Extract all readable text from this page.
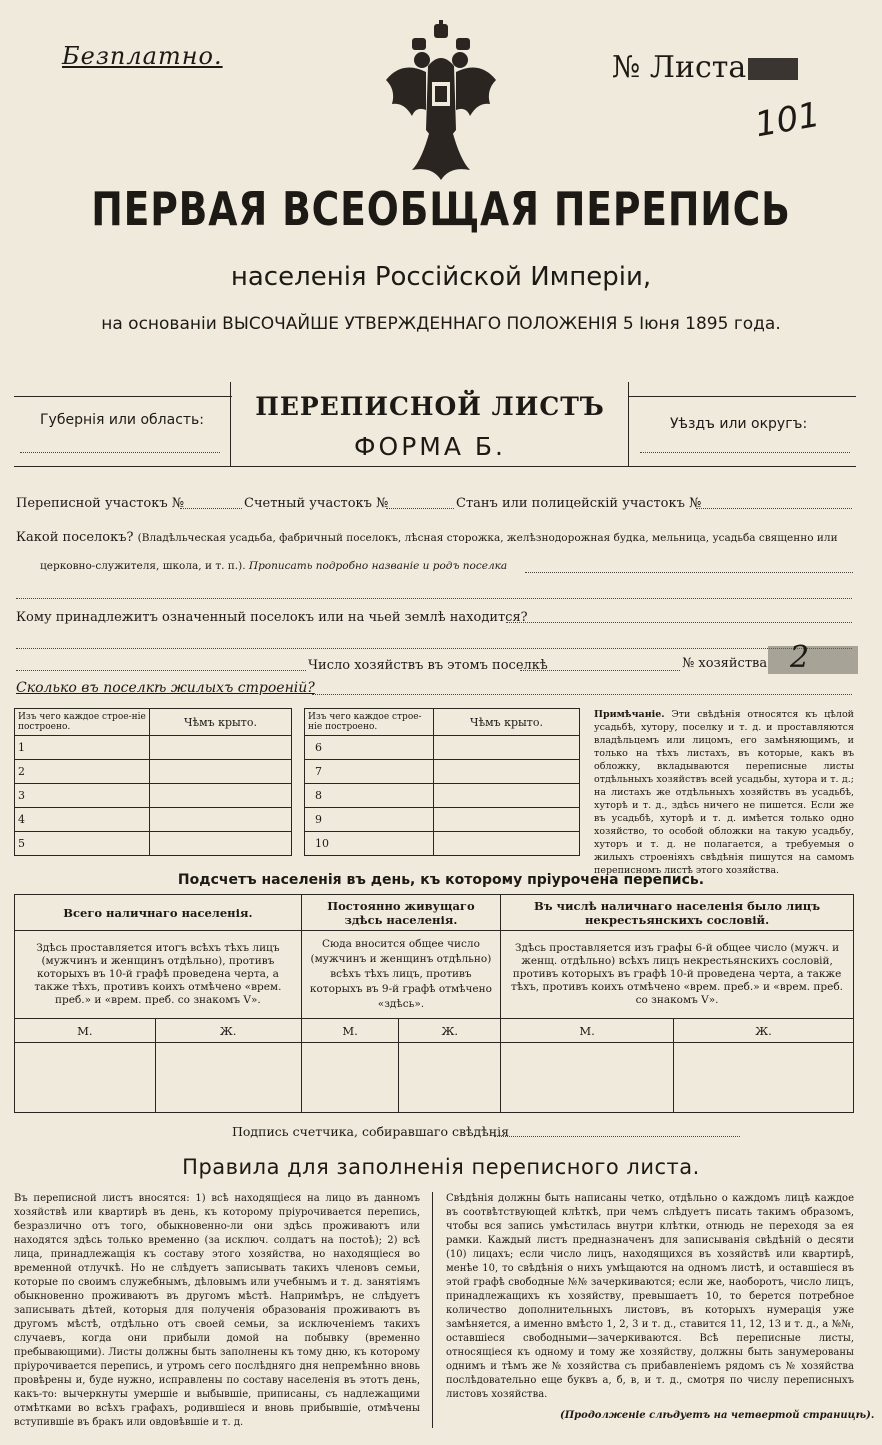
Безплатно.	№ Листа
101
ПЕРВАЯ ВСЕОБЩАЯ ПЕРЕПИСЬ
населенія Россійской Имперіи,
на основаніи ВЫСОЧАЙШЕ УТВЕРЖДЕННАГО ПОЛОЖЕНІЯ 5 Іюня 1895 года.
Губернія или область:	ПЕРЕПИСНОЙ ЛИСТЪ
ФОРМА Б.
Уѣздъ или округъ:
Переписной участокъ №	Счетный участокъ №	Станъ или полицейскій участокъ №
Какой поселокъ? (Владѣльческая усадьба, фабричный поселокъ, лѣсная сторожка, желѣзнодорожная будка, мельница, усадьба священно или
церковно-служителя, школа, и т. п.). Прописать подробно названіе и родъ поселка
Кому принадлежитъ означенный поселокъ или на чьей землѣ находится?
Число хозяйствъ въ этомъ поселкѣ	№ хозяйства 2
Сколько въ поселкѣ жилыхъ строеній?
Изъ чего каждое строе-ніе построено.	Чѣмъ крыто.
1	
2	
3	
4	
5	
Изъ чего каждое строе-ніе построено.	Чѣмъ крыто.
6	
7	
8	
9	
10	
Примѣчаніе. Эти свѣдѣнія относятся къ цѣлой усадьбѣ, хутору, поселку и т. д. и проставляются владѣльцемъ или лицомъ, его замѣняющимъ, и только на тѣхъ листахъ, въ которые, какъ въ обложку, вкладываются переписные листы отдѣльныхъ хозяйствъ всей усадьбы, хутора и т. д.; на листахъ же отдѣльныхъ хозяйствъ въ усадьбѣ, хуторѣ и т. д., здѣсь ничего не пишется. Если же въ усадьбѣ, хуторѣ и т. д. имѣется только одно хозяйство, то особой обложки на такую усадьбу, хуторъ и т. д. не полагается, а требуемыя о жилыхъ строеніяхъ свѣдѣнія пишутся на самомъ переписномъ листѣ этого хозяйства.
Подсчетъ населенія въ день, къ которому пріурочена перепись.
Всего наличнаго населенія.		Постоянно живущаго здѣсь населенія.		Въ числѣ наличнаго населенія было лицъ некрестьянскихъ сословій.	
Здѣсь проставляется итогъ всѣхъ тѣхъ лицъ (мужчинъ и женщинъ отдѣльно), противъ которыхъ въ 10-й графѣ проведена черта, а также тѣхъ, противъ коихъ отмѣчено «врем. преб.» и «врем. преб. со знакомъ V».		Сюда вносится общее число (мужчинъ и женщинъ отдѣльно) всѣхъ тѣхъ лицъ, противъ которыхъ въ 9-й графѣ отмѣчено «здѣсь».		Здѣсь проставляется изъ графы 6-й общее число (мужч. и женщ. отдѣльно) всѣхъ лицъ некрестьянскихъ сословій, противъ которыхъ въ графѣ 10-й проведена черта, а также тѣхъ, противъ коихъ отмѣчено «врем. преб.» и «врем. преб. со знакомъ V».	
М.	Ж.	М.	Ж.	М.	Ж.

Подпись счетчика, собиравшаго свѣдѣнія
Правила для заполненія переписного листа.
Въ переписной листъ вносятся: 1) всѣ находящіеся на лицо въ данномъ хозяйствѣ или квартирѣ въ день, къ которому пріурочивается перепись, безразлично отъ того, обыкновенно-ли они здѣсь проживаютъ или находятся здѣсь только временно (за исключ. солдатъ на постоѣ); 2) всѣ лица, принадлежащія къ составу этого хозяйства, но находящіеся во временной отлучкѣ. Но не слѣдуетъ записывать такихъ членовъ семьи, которые по своимъ служебнымъ, дѣловымъ или учебнымъ и т. д. занятіямъ обыкновенно проживаютъ въ другомъ мѣстѣ. Напримѣръ, не слѣдуетъ записывать дѣтей, которыя для полученія образованія проживаютъ въ другомъ мѣстѣ, отдѣльно отъ своей семьи, за исключеніемъ такихъ случаевъ, когда они прибыли домой на побывку (временно пребывающими). Листы должны быть заполнены къ тому дню, къ которому пріурочивается перепись, и утромъ сего послѣдняго дня непремѣнно вновь провѣрены и, буде нужно, исправлены по составу населенія въ этотъ день, какъ-то: вычеркнуты умершіе и выбывшіе, приписаны, съ надлежащими отмѣтками во всѣхъ графахъ, родившіеся и вновь прибывшіе, отмѣчены вступившіе въ бракъ или овдовѣвшіе и т. д.
Свѣдѣнія должны быть написаны четко, отдѣльно о каждомъ лицѣ каждое въ соотвѣтствующей клѣткѣ, при чемъ слѣдуетъ писать такимъ образомъ, чтобы вся запись умѣстилась внутри клѣтки, отнюдь не переходя за ея рамки. Каждый листъ предназначенъ для записыванія свѣдѣній о десяти (10) лицахъ; если число лицъ, находящихся въ хозяйствѣ или квартирѣ, менѣе 10, то свѣдѣнія о нихъ умѣщаются на одномъ листѣ, и оставшіеся въ этой графѣ свободные №№ зачеркиваются; если же, наоборотъ, число лицъ, принадлежащихъ къ хозяйству, превышаетъ 10, то берется потребное количество дополнительныхъ листовъ, въ которыхъ нумерація уже замѣняется, а именно вмѣсто 1, 2, 3 и т. д., ставится 11, 12, 13 и т. д., а №№, оставшіеся свободными—зачеркиваются. Всѣ переписные листы, относящіеся къ одному и тому же хозяйству, должны быть занумерованы однимъ и тѣмъ же № хозяйства съ прибавленіемъ рядомъ съ № хозяйства послѣдовательно еще буквъ а, б, в, и т. д., смотря по числу переписныхъ листовъ хозяйства.
(Продолженіе слѣдуетъ на четвертой страницѣ).
